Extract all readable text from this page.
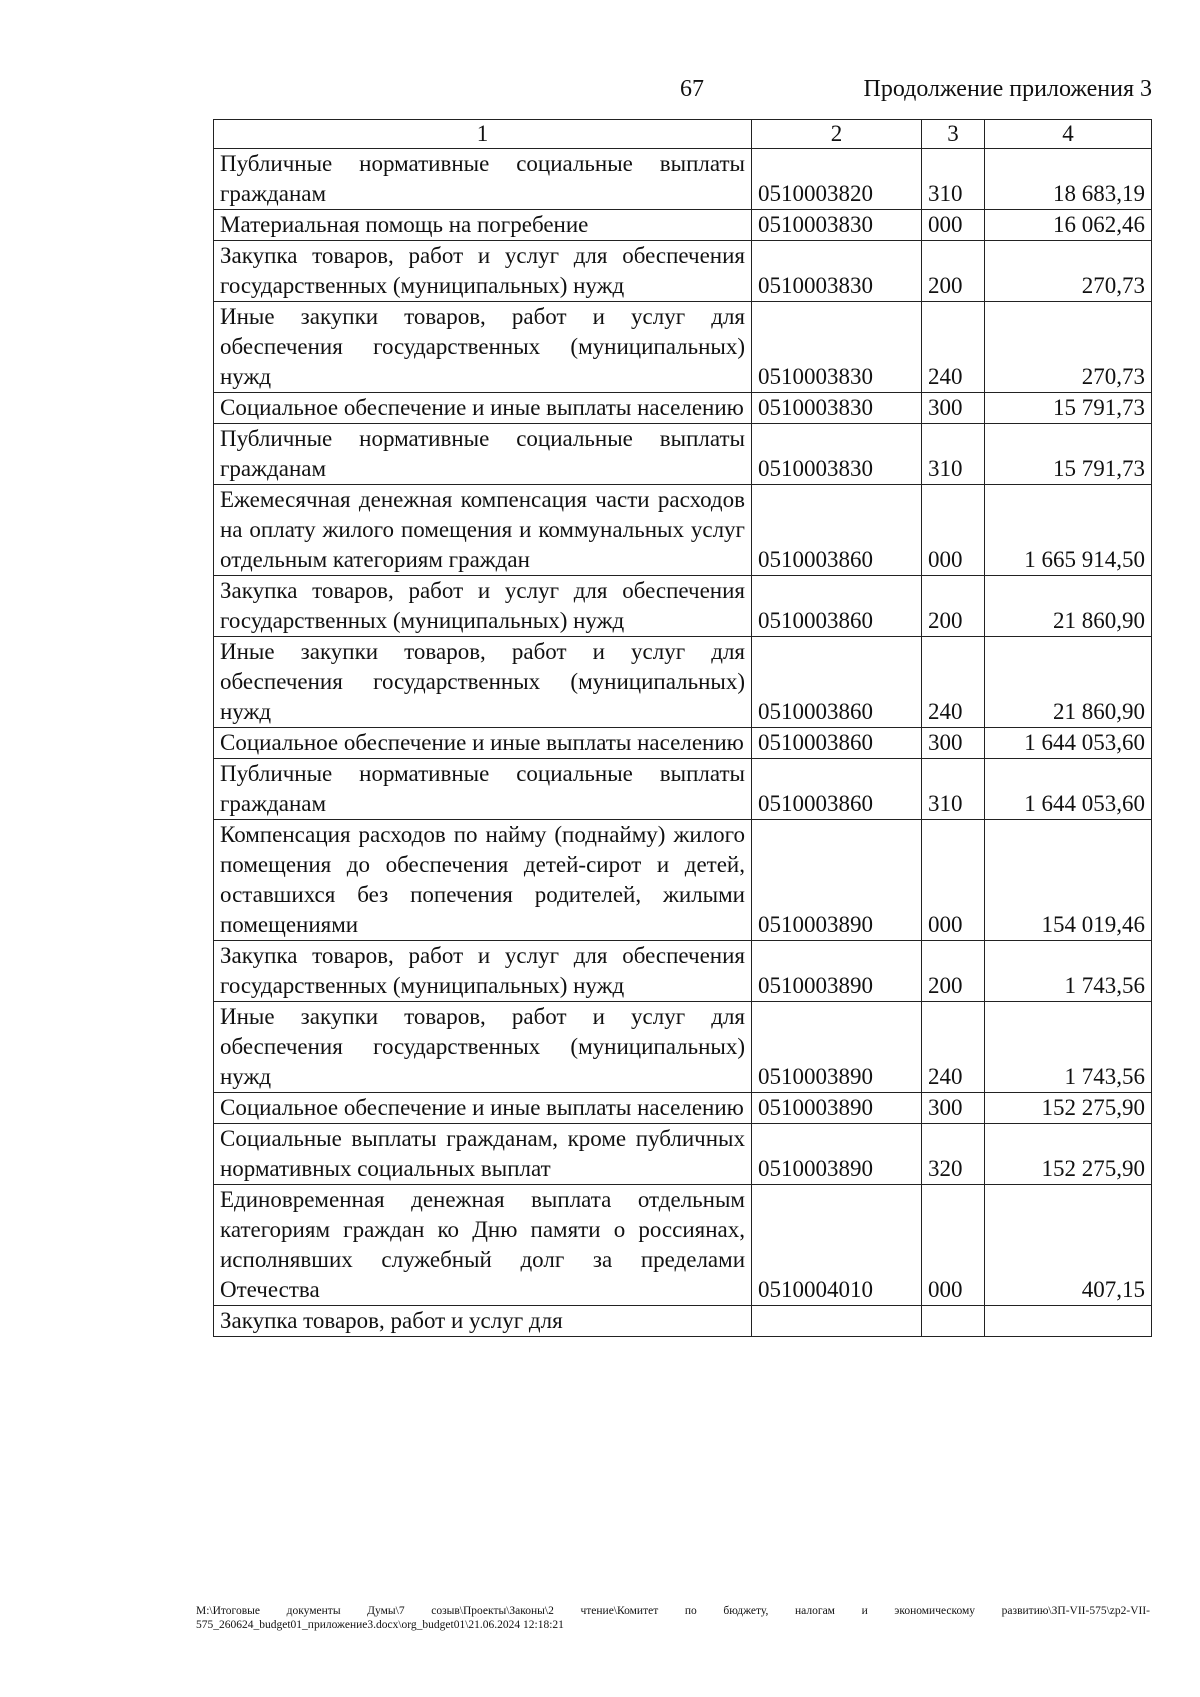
67	Продолжение приложения 3
1	2	3	4
Публичные нормативные социальные выплаты гражданам	0510003820	310	18 683,19
Материальная помощь на погребение	0510003830	000	16 062,46
Закупка товаров, работ и услуг для обеспечения государственных (муниципальных) нужд	0510003830	200	270,73
Иные закупки товаров, работ и услуг для обеспечения государственных (муниципальных) нужд	0510003830	240	270,73
Социальное обеспечение и иные выплаты населению	0510003830	300	15 791,73
Публичные нормативные социальные выплаты гражданам	0510003830	310	15 791,73
Ежемесячная денежная компенсация части расходов на оплату жилого помещения и коммунальных услуг отдельным категориям граждан	0510003860	000	1 665 914,50
Закупка товаров, работ и услуг для обеспечения государственных (муниципальных) нужд	0510003860	200	21 860,90
Иные закупки товаров, работ и услуг для обеспечения государственных (муниципальных) нужд	0510003860	240	21 860,90
Социальное обеспечение и иные выплаты населению	0510003860	300	1 644 053,60
Публичные нормативные социальные выплаты гражданам	0510003860	310	1 644 053,60
Компенсация расходов по найму (поднайму) жилого помещения до обеспечения детей-сирот и детей, оставшихся без попечения родителей, жилыми помещениями	0510003890	000	154 019,46
Закупка товаров, работ и услуг для обеспечения государственных (муниципальных) нужд	0510003890	200	1 743,56
Иные закупки товаров, работ и услуг для обеспечения государственных (муниципальных) нужд	0510003890	240	1 743,56
Социальное обеспечение и иные выплаты населению	0510003890	300	152 275,90
Социальные выплаты гражданам, кроме публичных нормативных социальных выплат	0510003890	320	152 275,90
Единовременная денежная выплата отдельным категориям граждан ко Дню памяти о россиянах, исполнявших служебный долг за пределами Отечества	0510004010	000	407,15
Закупка товаров, работ и услуг для			
М:\Итоговые документы Думы\7 созыв\Проекты\Законы\2 чтение\Комитет по бюджету, налогам и экономическому развитию\ЗП-VII-575\zp2-VII-575_260624_budget01_приложение3.docx\org_budget01\21.06.2024 12:18:21
